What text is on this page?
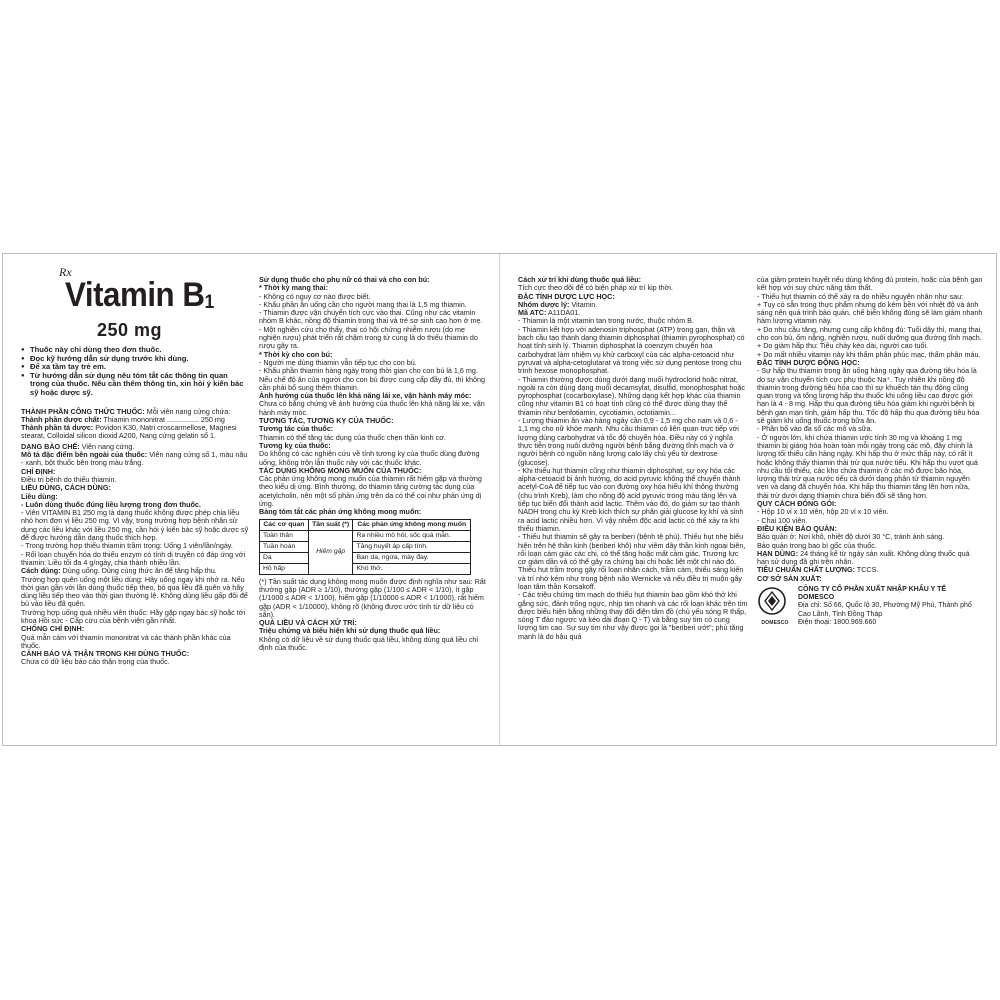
Rx
Vitamin $B_1$
250 mg

● Thuốc này chỉ dùng theo đơn thuốc.

● Đọc kỹ hướng dẫn sử dụng trước khi dùng.

● Để xa tầm tay trẻ em.

● Từ hướng dẫn sử dụng nêu tóm tắt các thông tin quan trọng của thuốc. Nếu cần thêm thông tin, xin hỏi ý kiến bác sỹ hoặc dược sỹ.

THÀNH PHẦN CÔNG THỨC THUỐC: Mỗi viên nang cứng chứa:

Thành phần dược chất: Thiamin mononitrat ................ 250 mg

Thành phần tá dược: Povidon K30, Natri croscarmellose, Magnesi stearat, Colloidal silicon dioxid A200, Nang cứng gelatin số 1.

DẠNG BÀO CHẾ: Viên nang cứng.

Mô tả đặc điểm bên ngoài của thuốc: Viên nang cứng số 1, màu nâu - xanh, bột thuốc bên trong màu trắng.

CHỈ ĐỊNH:

Điều trị bệnh do thiếu thiamin.

LIỀU DÙNG, CÁCH DÙNG:

Liều dùng:

- Luôn dùng thuốc đúng liều lượng trong đơn thuốc.

- Viên VITAMIN B1 250 mg là dạng thuốc không được phép chia liều nhỏ hơn đơn vị liều 250 mg. Vì vậy, trong trường hợp bệnh nhân sử dụng các liều khác với liều 250 mg, cần hỏi ý kiến bác sỹ hoặc dược sỹ để được hướng dẫn dạng thuốc thích hợp.

- Trong trường hợp thiếu thiamin trầm trọng: Uống 1 viên/lần/ngày.

- Rối loạn chuyển hóa do thiếu enzym có tính di truyền có đáp ứng với thiamin: Liều tối đa 4 g/ngày, chia thành nhiều lần.

Cách dùng: Dùng uống. Dùng cùng thức ăn để tăng hấp thu.

Trường hợp quên uống một liều dùng: Hãy uống ngay khi nhớ ra. Nếu thời gian gần với lần dùng thuốc tiếp theo, bỏ qua liều đã quên và hãy dùng liều tiếp theo vào thời gian thường lệ. Không dùng liều gấp đôi để bù vào liều đã quên.

Trường hợp uống quá nhiều viên thuốc: Hãy gặp ngay bác sỹ hoặc tới khoa Hồi sức - Cấp cứu của bệnh viện gần nhất.

CHỐNG CHỈ ĐỊNH:

Quá mẫn cảm với thiamin mononitrat và các thành phần khác của thuốc.

CẢNH BÁO VÀ THẬN TRỌNG KHI DÙNG THUỐC:

Chưa có dữ liệu báo cáo thận trọng của thuốc.

Sử dụng thuốc cho phụ nữ có thai và cho con bú:

* Thời kỳ mang thai:

- Không có nguy cơ nào được biết.

- Khẩu phần ăn uống cần cho người mang thai là 1,5 mg thiamin.

- Thiamin được vận chuyển tích cực vào thai. Cũng như các vitamin nhóm B khác, nồng độ thiamin trong thai và trẻ sơ sinh cao hơn ở mẹ.

- Một nghiên cứu cho thấy, thai có hội chứng nhiễm rượu (do mẹ nghiện rượu) phát triển rất chậm trong tử cung là do thiếu thiamin do rượu gây ra.

* Thời kỳ cho con bú:

- Người mẹ dùng thiamin vẫn tiếp tục cho con bú.

- Khẩu phần thiamin hàng ngày trong thời gian cho con bú là 1,6 mg. Nếu chế độ ăn của người cho con bú được cung cấp đầy đủ, thì không cần phải bổ sung thêm thiamin.

Ảnh hưởng của thuốc lên khả năng lái xe, vận hành máy móc: Chưa có bằng chứng về ảnh hưởng của thuốc lên khả năng lái xe, vận hành máy móc.

TƯƠNG TÁC, TƯƠNG KỴ CỦA THUỐC:

Tương tác của thuốc:

Thiamin có thể tăng tác dụng của thuốc chẹn thần kinh cơ.

Tương kỵ của thuốc:

Do không có các nghiên cứu về tính tương kỵ của thuốc dùng đường uống, không trộn lẫn thuốc này với các thuốc khác.

TÁC DỤNG KHÔNG MONG MUỐN CỦA THUỐC:

Các phản ứng không mong muốn của thiamin rất hiếm gặp và thường theo kiểu dị ứng. Bình thường, do thiamin tăng cường tác dụng của acetylcholin, nên một số phản ứng trên da có thể coi như phản ứng dị ứng.

Bảng tóm tắt các phản ứng không mong muốn:

Các cơ quan	Tần suất (*)	Các phản ứng không mong muốn
Toàn thân	Hiếm gặp	Ra nhiều mồ hôi, sốc quá mẫn.
Tuần hoàn		Tăng huyết áp cấp tính.
Da		Ban da, ngứa, mày đay.
Hô hấp		Khó thở.

(*) Tần suất tác dụng không mong muốn được định nghĩa như sau: Rất thường gặp (ADR ≥ 1/10), thường gặp (1/100 ≤ ADR < 1/10), ít gặp (1/1000 ≤ ADR < 1/100), hiếm gặp (1/10000 ≤ ADR < 1/1000), rất hiếm gặp (ADR < 1/10000), không rõ (không được ước tính từ dữ liệu có sẵn).

QUÁ LIỀU VÀ CÁCH XỬ TRÍ:

Triệu chứng và biểu hiện khi sử dụng thuốc quá liều:

Không có dữ liệu về sử dụng thuốc quá liều, không dùng quá liều chỉ định của thuốc.

Cách xử trí khi dùng thuốc quá liều:

Tích cực theo dõi để có biện pháp xử trí kịp thời.

ĐẶC TÍNH DƯỢC LỰC HỌC:

Nhóm dược lý: Vitamin.

Mã ATC: A11DA01.

- Thiamin là một vitamin tan trong nước, thuộc nhóm B.

- Thiamin kết hợp với adenosin triphosphat (ATP) trong gan, thận và bạch cầu tạo thành dạng thiamin diphosphat (thiamin pyrophosphat) có hoạt tính sinh lý. Thiamin diphosphat là coenzym chuyển hóa carbohydrat làm nhiệm vụ khử carboxyl của các alpha-cetoacid như pyruvat và alpha-cetoglutarat và trong việc sử dụng pentose trong chu trình hexose monophosphat.

- Thiamin thường được dùng dưới dạng muối hydroclorid hoặc nitrat, ngoài ra còn dùng dạng muối decamsylat, disulfid, monophosphat hoặc pyrophosphat (cocarboxylase). Những dạng kết hợp khác của thiamin cũng như vitamin B1 có hoạt tính cũng có thể được dùng thay thế thiamin như benfotiamin, cycotiamin, octotiamin...

- Lượng thiamin ăn vào hàng ngày cần 0,9 - 1,5 mg cho nam và 0,6 - 1,1 mg cho nữ khỏe mạnh. Nhu cầu thiamin có liên quan trực tiếp với lượng dùng carbohydrat và tốc độ chuyển hóa. Điều này có ý nghĩa thực tiễn trong nuôi dưỡng người bệnh bằng đường tĩnh mạch và ở người bệnh có nguồn năng lượng calo lấy chủ yếu từ dextrose (glucose).

- Khi thiếu hụt thiamin cũng như thiamin diphosphat, sự oxy hóa các alpha-cetoacid bị ảnh hưởng, do acid pyruvic không thể chuyển thành acetyl-CoA để tiếp tục vào con đường oxy hóa hiếu khí thông thường (chu trình Kreb), làm cho nồng độ acid pyruvic trong máu tăng lên và tiếp tục biến đổi thành acid lactic. Thêm vào đó, do giảm sự tạo thành NADH trong chu kỳ Kreb kích thích sự phân giải glucose kỵ khí và sinh ra acid lactic nhiều hơn. Vì vậy nhiễm độc acid lactic có thể xảy ra khi thiếu thiamin.

- Thiếu hụt thiamin sẽ gây ra beriberi (bệnh tê phù). Thiếu hụt nhẹ biểu hiện trên hệ thần kinh (beriberi khô) như viêm dây thần kinh ngoại biên, rối loạn cảm giác các chi, có thể tăng hoặc mất cảm giác. Trương lực cơ giảm dần và có thể gây ra chứng bại chi hoặc liệt một chi nào đó. Thiếu hụt trầm trọng gây rối loạn nhân cách, trầm cảm, thiếu sáng kiến và trí nhớ kém như trong bệnh não Wernicke và nếu điều trị muộn gây loạn tâm thần Korsakoff.

- Các triệu chứng tim mạch do thiếu hụt thiamin bao gồm khó thở khi gắng sức, đánh trống ngực, nhịp tim nhanh và các rối loạn khác trên tim được biểu hiện bằng những thay đổi điện tâm đồ (chủ yếu sóng R thấp, sóng T đảo ngược và kéo dài đoạn Q - T) và bằng suy tim có cung lượng tim cao. Sự suy tim như vậy được gọi là "beriberi ướt"; phù tăng mạnh là do hậu quả

của giảm protein huyết nếu dùng không đủ protein, hoặc của bệnh gan kết hợp với suy chức năng tâm thất.

- Thiếu hụt thiamin có thể xảy ra do nhiều nguyên nhân như sau:

+ Tụy có sẵn trong thực phẩm nhưng do kém bền với nhiệt độ và ánh sáng nên quá trình bảo quản, chế biến không đúng sẽ làm giảm nhanh hàm lượng vitamin này.

+ Do nhu cầu tăng, nhưng cung cấp không đủ: Tuổi dậy thì, mang thai, cho con bú, ốm nặng, nghiện rượu, nuôi dưỡng qua đường tĩnh mạch.

+ Do giảm hấp thu: Tiêu chảy kéo dài, người cao tuổi.

+ Do mất nhiều vitamin này khi thẩm phân phúc mạc, thẩm phân máu.

ĐẶC TÍNH DƯỢC ĐỘNG HỌC:

- Sự hấp thu thiamin trong ăn uống hàng ngày qua đường tiêu hóa là do sự vận chuyển tích cực phụ thuộc Na⁺. Tuy nhiên khi nồng độ thiamin trong đường tiêu hóa cao thì sự khuếch tán thụ động cũng quan trọng và tổng lượng hấp thu thuốc khi uống liều cao được giới hạn là 4 - 8 mg. Hấp thu qua đường tiêu hóa giảm khi người bệnh bị bệnh gan mạn tính, giảm hấp thu. Tốc độ hấp thu qua đường tiêu hóa sẽ giảm khi uống thuốc trong bữa ăn.

- Phân bố vào đa số các mô và sữa.

- Ở người lớn, khi chứa thiamin ước tính 30 mg và khoảng 1 mg thiamin bị giáng hóa hoàn toàn mỗi ngày trong các mô, đây chính là lượng tối thiểu cần hàng ngày. Khi hấp thu ở mức thấp này, có rất ít hoặc không thấy thiamin thải trừ qua nước tiểu. Khi hấp thu vượt quá nhu cầu tối thiểu, các kho chứa thiamin ở các mô được bão hòa, lượng thải trừ qua nước tiểu cả dưới dạng phân tử thiamin nguyên vẹn và dạng đã chuyển hóa. Khi hấp thu thiamin tăng lên hơn nữa, thải trừ dưới dạng thiamin chưa biến đổi sẽ tăng hơn.

QUY CÁCH ĐÓNG GÓI:

- Hộp 10 vỉ x 10 viên, hộp 20 vỉ x 10 viên.

- Chai 100 viên.

ĐIỀU KIỆN BẢO QUẢN:

Bảo quản ở: Nơi khô, nhiệt độ dưới 30 °C, tránh ánh sáng.

Bảo quản trong bao bì gốc của thuốc.

HẠN DÙNG: 24 tháng kể từ ngày sản xuất. Không dùng thuốc quá hạn sử dụng đã ghi trên nhãn.

TIÊU CHUẨN CHẤT LƯỢNG: TCCS.

CƠ SỞ SẢN XUẤT:

DOMESCO

CÔNG TY CỔ PHẦN XUẤT NHẬP KHẨU Y TẾ DOMESCO

Địa chỉ: Số 66, Quốc lộ 30, Phường Mỹ Phú, Thành phố Cao Lãnh, Tỉnh Đồng Tháp

Điện thoại: 1800.969.660
